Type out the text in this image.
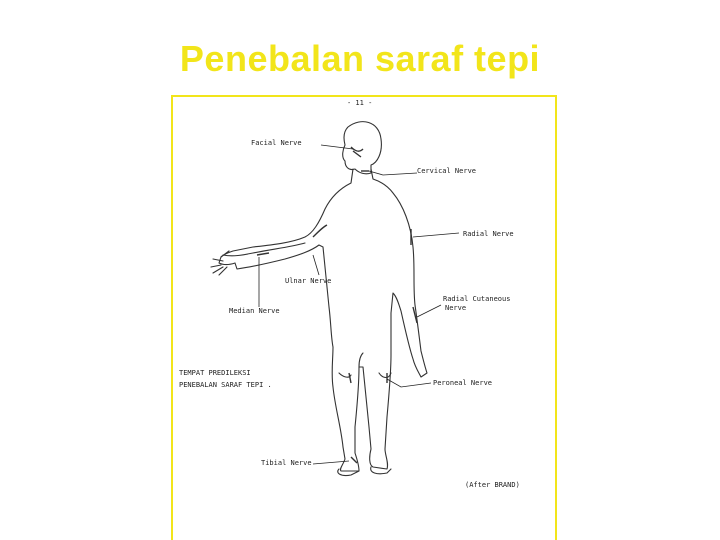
Penebalan saraf tepi
- 11 -
Facial Nerve
Cervical Nerve
Radial Nerve
Ulnar Nerve
Radial Cutaneous
Nerve
Median Nerve
TEMPAT PREDILEKSI
PENEBALAN SARAF TEPI .	Peroneal Nerve
Tibial Nerve
(After BRAND)
